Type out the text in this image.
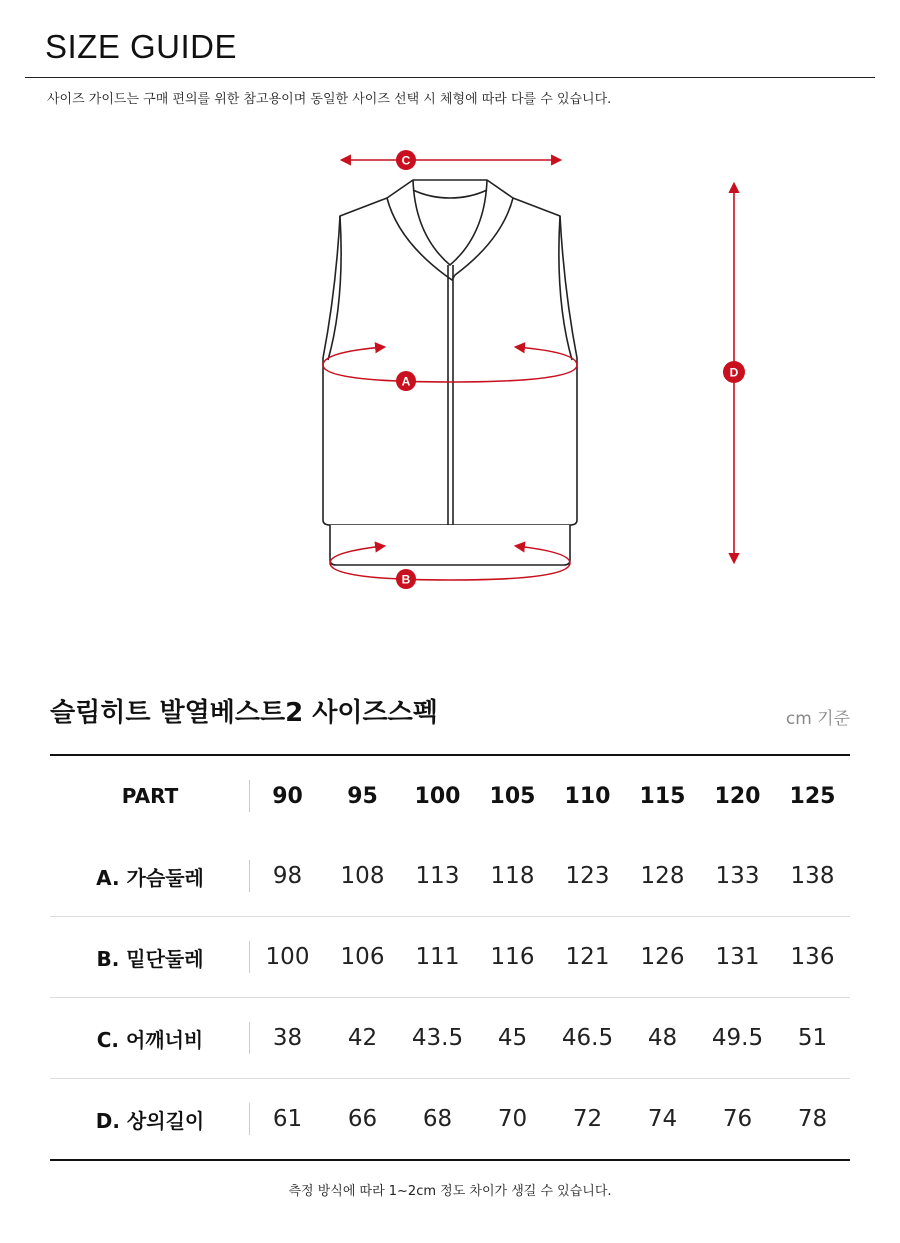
SIZE GUIDE
사이즈 가이드는 구매 편의를 위한 참고용이며 동일한 사이즈 선택 시 체형에 따라 다를 수 있습니다.
C
A
B
D
슬림히트 발열베스트2 사이즈스펙	cm 기준
PART	90	95	100	105	110	115	120	125
A. 가슴둘레	98	108	113	118	123	128	133	138
B. 밑단둘레	100	106	111	116	121	126	131	136
C. 어깨너비	38	42	43.5	45	46.5	48	49.5	51
D. 상의길이	61	66	68	70	72	74	76	78
측정 방식에 따라 1~2cm 정도 차이가 생길 수 있습니다.
